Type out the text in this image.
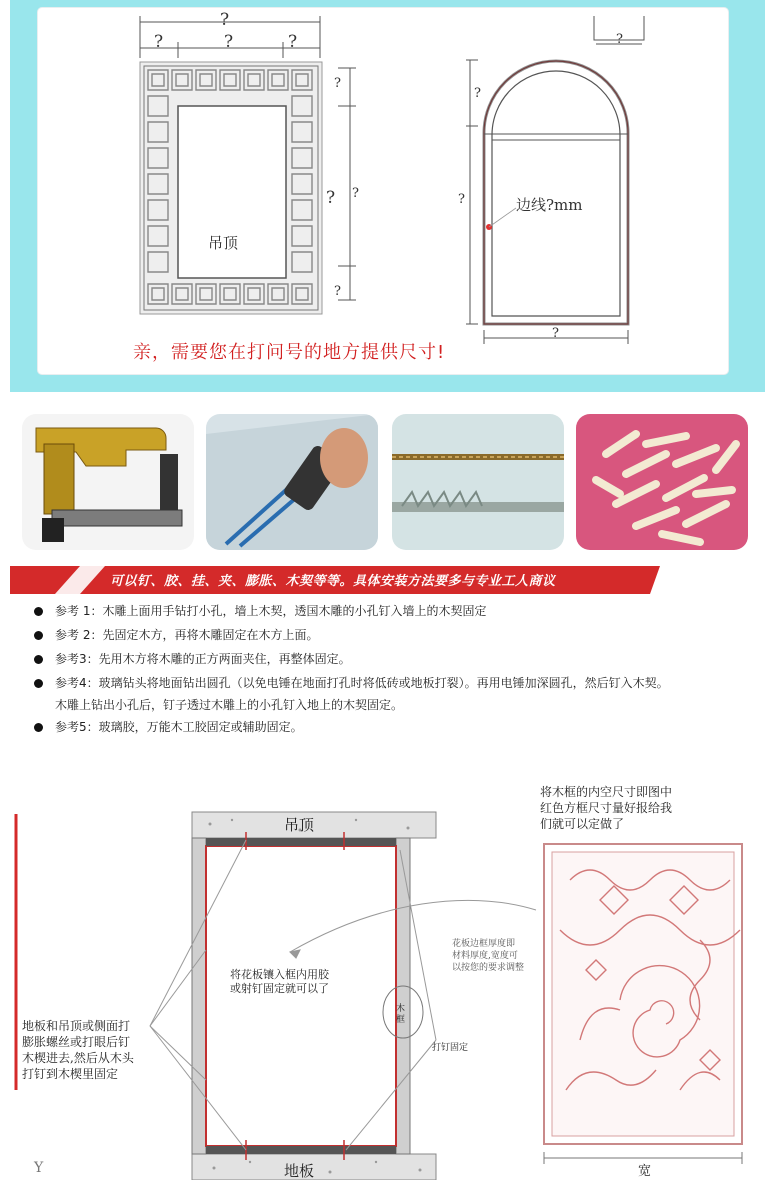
?
?	?	?
?
? ?
?
?
?
?
?
吊顶
边线?mm
亲，需要您在打问号的地方提供尺寸!
可以钉、胶、挂、夹、膨胀、木契等等。具体安装方法要多与专业工人商议
参考 1：木雕上面用手钻打小孔，墙上木契，透国木雕的小孔钉入墙上的木契固定
参考 2：先固定木方，再将木雕固定在木方上面。
参考3：先用木方将木雕的正方两面夹住，再整体固定。
参考4：玻璃钻头将地面钻出圆孔（以免电锤在地面打孔时将低砖或地板打裂）。再用电锤加深圆孔，然后钉入木契。
木雕上钻出小孔后，钉子透过木雕上的小孔钉入地上的木契固定。
参考5：玻璃胶，万能木工胶固定或辅助固定。
吊顶
地板
将花板镶入框内用胶
或射钉固定就可以了
木框
地板和吊顶或侧面打
膨胀螺丝或打眼后钉
木楔进去,然后从木头
打钉到木楔里固定
打钉固定
将木框的内空尺寸即图中
红色方框尺寸量好报给我
们就可以定做了
花板边框厚度即
材料厚度,宽度可
以按您的要求调整
宽
Y
